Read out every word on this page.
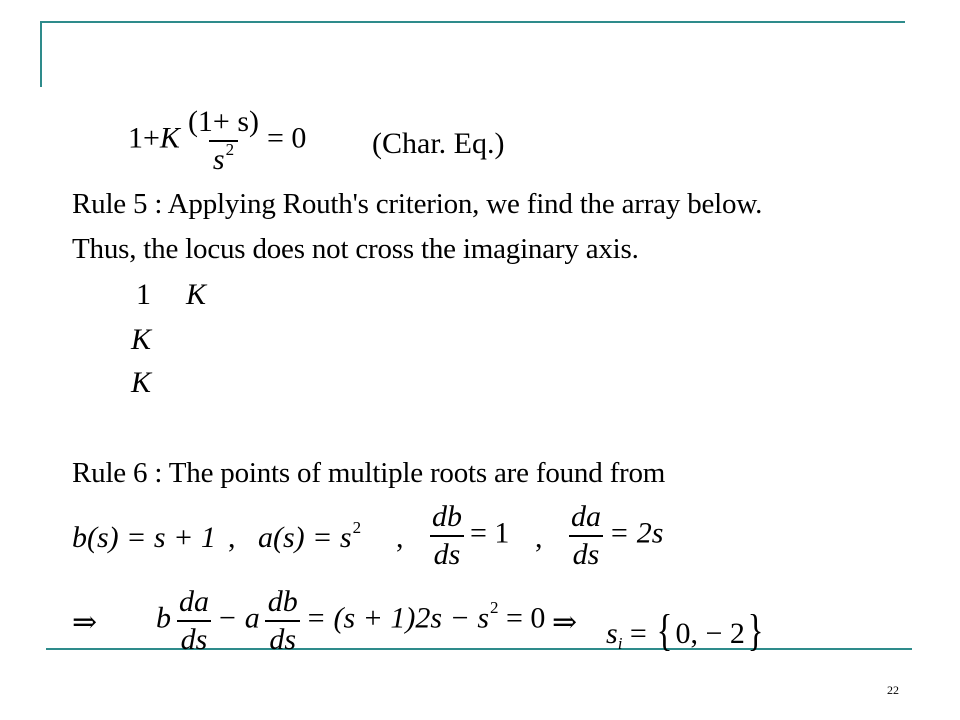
$1+K \frac{(1+ s)}{s^2} = 0$ (Char. Eq.)
Rule 5 : Applying Routh's criterion, we find the array below.
Thus, the locus does not cross the imaginary axis.
1 K
K
K
Rule 6 : The points of multiple roots are found from
b(s) = s + 1 , $a(s) = s^2$ , $\frac{db}{ds} = 1$ , $\frac{da}{ds} = 2s$
⇒ b $\frac{da}{ds} - a \frac{db}{ds} = (s + 1)2s - s^2 = 0$ ⇒ $s_i = \{0$, − 2}
22
